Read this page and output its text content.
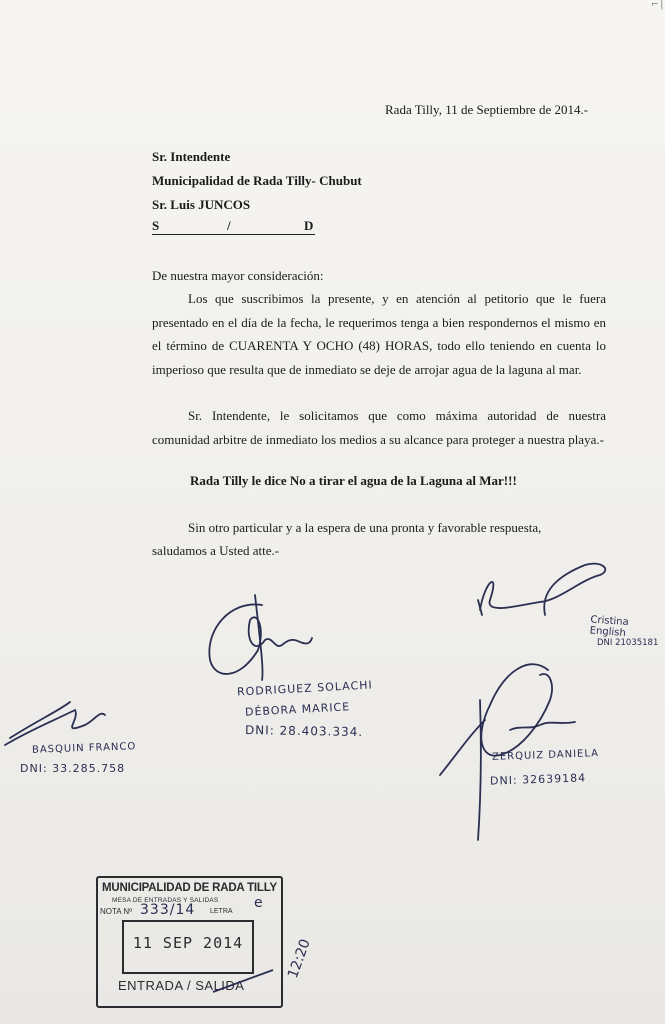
⌐ |
Rada Tilly, 11 de Septiembre de 2014.-
Sr. Intendente
Municipalidad de Rada Tilly- Chubut
Sr. Luis JUNCOS
S	/	D
De nuestra mayor consideración:
Los que suscribimos la presente, y en atención al petitorio que le fuera presentado en el día de la fecha, le requerimos tenga a bien respondernos el mismo en el término de CUARENTA Y OCHO (48) HORAS, todo ello teniendo en cuenta lo imperioso que resulta que de inmediato se deje de arrojar agua de la laguna al mar.
Sr. Intendente, le solicitamos que como máxima autoridad de nuestra comunidad arbitre de inmediato los medios a su alcance para proteger a nuestra playa.-
Rada Tilly le dice No a tirar el agua de la Laguna al Mar!!!
Sin otro particular y a la espera de una pronta y favorable respuesta,
saludamos a Usted atte.-
Cristina English
DNI 21035181
RODRIGUEZ SOLACHI
DÉBORA MARICE
DNI: 28.403.334.
BASQUIN FRANCO
DNI: 33.285.758
ZERQUIZ DANIELA
DNI: 32639184
MUNICIPALIDAD DE RADA TILLY
MESA DE ENTRADAS Y SALIDAS
NOTA Nº 333/14 LETRA
e
11 SEP 2014
ENTRADA / SALIDA
12:20
